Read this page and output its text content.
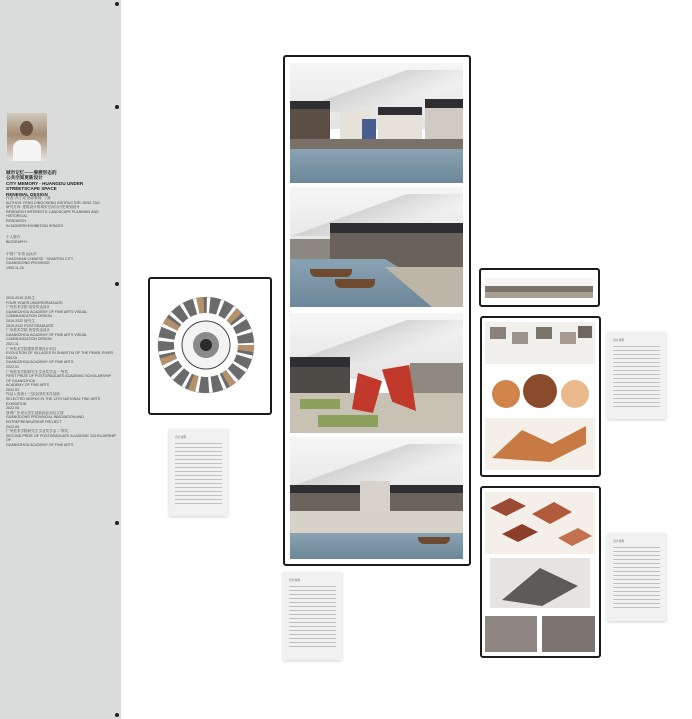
城市记忆——寮渡形态的
公共空间更新设计
CITY MEMORY · HUANGDU UNDER STREETSCAPE SPACE
RENEWAL DESIGN
作者: 冯丁成 指导教师: 丁涛
AUTHOR: FENG DINGCHENG INSTRUCTOR: DING TAO
研究方向: 建筑设计的城市空间与历史规划设计
RESEARCH INTERESTS: LANDSCAPE PLANNING AND HISTORICAL
RESEARCH
IN MODERN EXHIBITION SPACES
个人简介
BIOGRAPHY
中国 广东省 汕头市
CHAOSHAN CHINESE · SHANTOU CITY
GUANGDONG PROVINCE
1995.11.26
2015-2019 本科生
FOUR YEARS UNDERGRADUATE
广州美术学院 视觉传达设计
GUANGZHOU ACADEMY OF FINE ARTS VISUAL COMMUNICATION DESIGN
2019-2022 研究生
2019-2022 POSTGRADUATE
广州美术学院 视觉传达设计
GUANGZHOU ACADEMY OF FINE ARTS VISUAL COMMUNICATION DESIGN
2021.11
广州美术学院建筑景观设计项目
EVOLUTION OF VILLAGES IN SHANTOU OF THE PEARL RIVER DELTA
GUANGZHOU ACADEMY OF FINE ARTS
2022.01
广州美术学院研究生学业奖学金 一等奖
FIRST PRIZE OF POSTGRADUATE ACADEMIC SCHOLARSHIP OF GUANGZHOU
ACADEMY OF FINE ARTS
2022.03
作品入选第十三届全国美术作品展
SELECTED WORKS IN THE 13TH NATIONAL FINE ARTS EXHIBITION
2022.05
获得广东省大学生创新创业项目立项
GUANGDONG PROVINCIAL INNOVATION AND ENTREPRENEURSHIP PROJECT
2022.06
广州美术学院研究生学业奖学金 二等奖
SECOND PRIZE OF POSTGRADUATE ACADEMIC SCHOLARSHIP OF
GUANGZHOU ACADEMY OF FINE ARTS
设计说明
设计说明
设计说明
设计说明
